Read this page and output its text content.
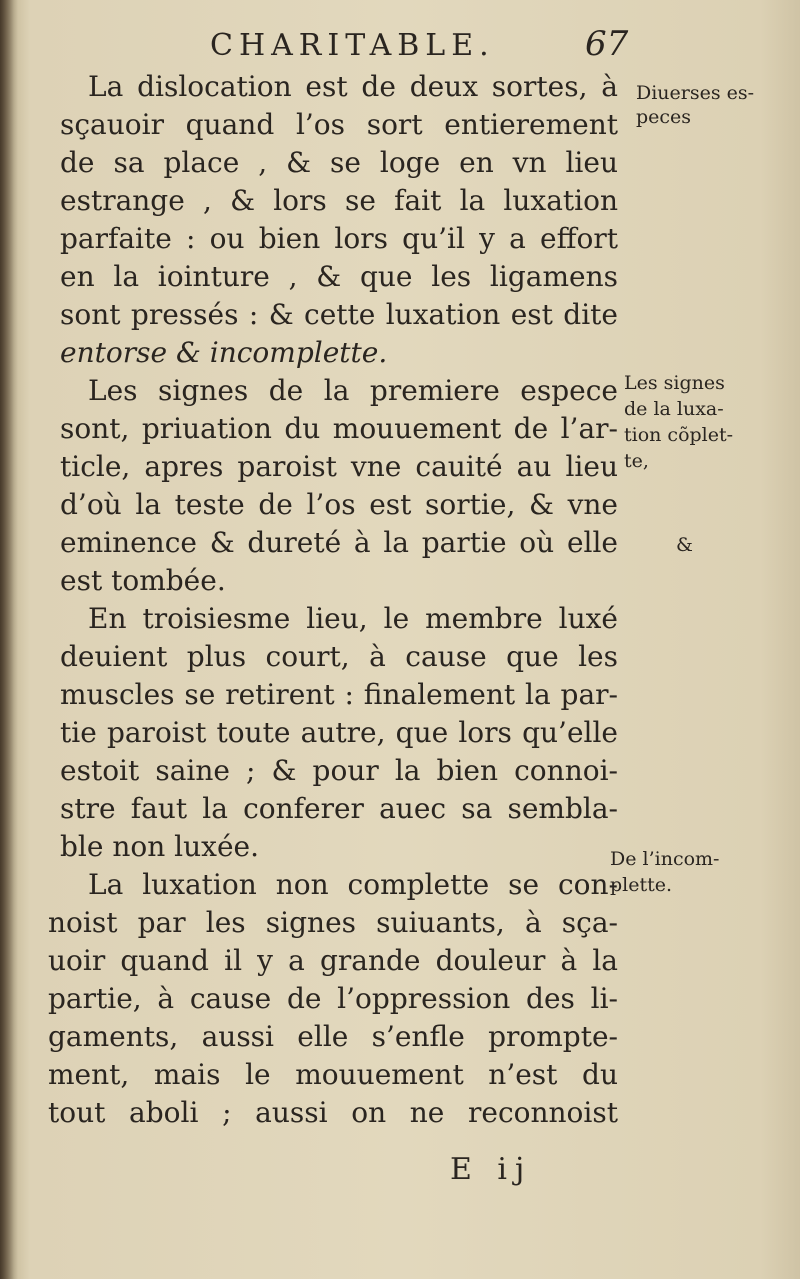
CHARITABLE.	67
La dislocation est de deux sortes, à
sçauoir quand l’os sort entierement
de sa place , & se loge en vn lieu
estrange , & lors se fait la luxation
parfaite : ou bien lors qu’il y a effort
en la iointure , & que les ligamens
sont pressés : & cette luxation est dite
entorse & incomplette.
Les signes de la premiere espece
sont, priuation du mouuement de l’ar-
ticle, apres paroist vne cauité au lieu
d’où la teste de l’os est sortie, & vne
eminence & dureté à la partie où elle
est tombée.
En troisiesme lieu, le membre luxé
deuient plus court, à cause que les
muscles se retirent : finalement la par-
tie paroist toute autre, que lors qu’elle
estoit saine ; & pour la bien connoi-
stre faut la conferer auec sa sembla-
ble non luxée.
La luxation non complette se con-
noist par les signes suiuants, à sça-
uoir quand il y a grande douleur à la
partie, à cause de l’oppression des li-
gaments, aussi elle s’enfle prompte-
ment, mais le mouuement n’est du
tout aboli ; aussi on ne reconnoist
Diuerses es-
peces
Les signes
de la luxa-
tion cõplet-
te,
&
De l’incom-
plette.
E ij
